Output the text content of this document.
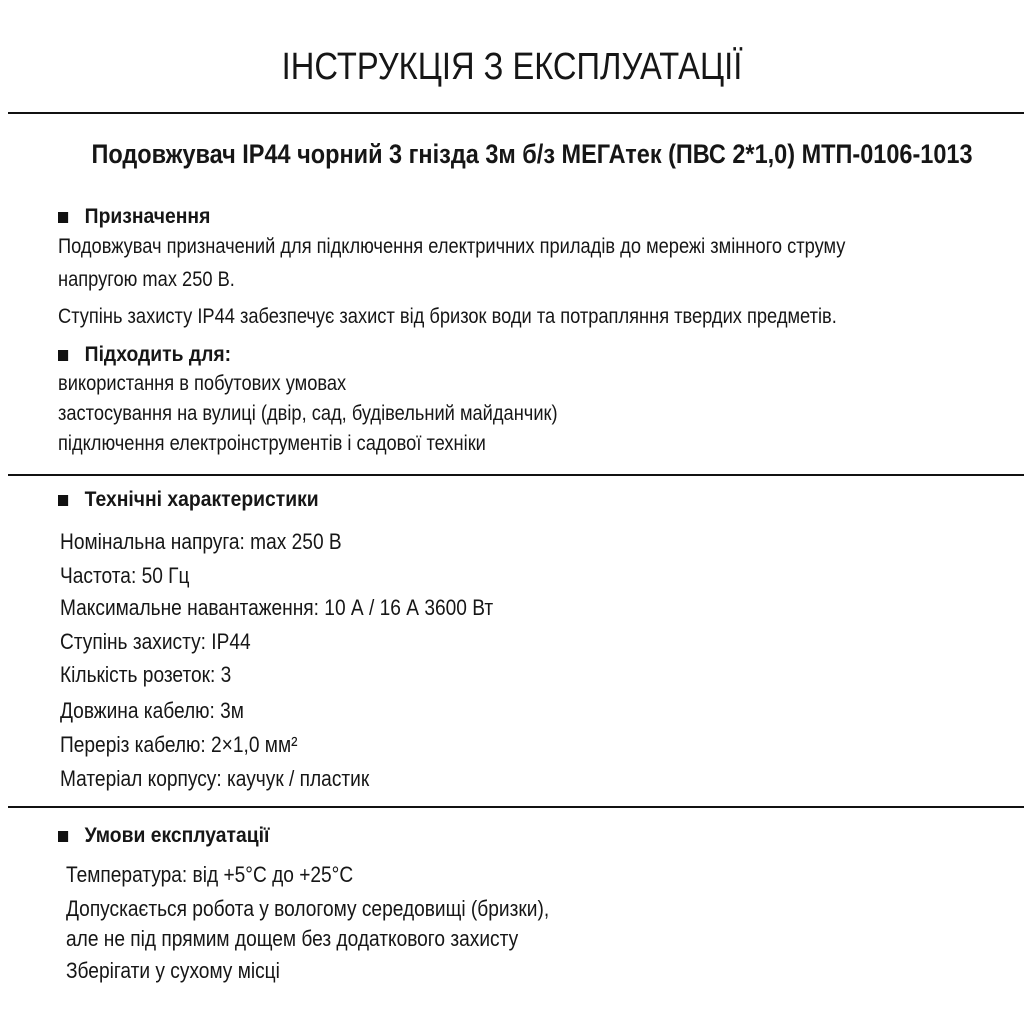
ІНСТРУКЦІЯ З ЕКСПЛУАТАЦІЇ
Подовжувач IP44 чорний 3 гнізда 3м б/з МЕГАтек (ПВС 2*1,0) МТП-0106-1013
Призначення
Подовжувач призначений для підключення електричних приладів до мережі змінного струму
напругою max 250 В.
Ступінь захисту IP44 забезпечує захист від бризок води та потрапляння твердих предметів.
Підходить для:
використання в побутових умовах
застосування на вулиці (двір, сад, будівельний майданчик)
підключення електроінструментів і садової техніки
Технічні характеристики
Номінальна напруга: max 250 В
Частота: 50 Гц
Максимальне навантаження: 10 А / 16 А 3600 Вт
Ступінь захисту: IP44
Кількість розеток: 3
Довжина кабелю: 3м
Переріз кабелю: 2×1,0 мм²
Матеріал корпусу: каучук / пластик
Умови експлуатації
Температура: від +5°C до +25°C
Допускається робота у вологому середовищі (бризки),
але не під прямим дощем без додаткового захисту
Зберігати у сухому місці
